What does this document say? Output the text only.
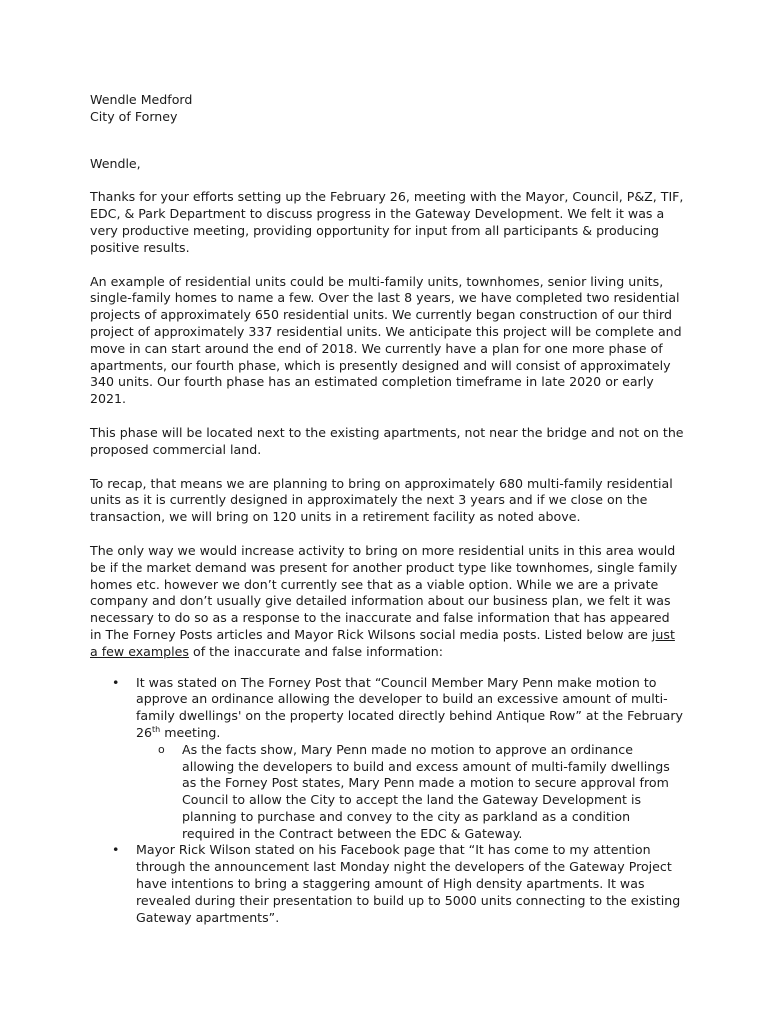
Wendle Medford
City of Forney
Wendle,

Thanks for your efforts setting up the February 26, meeting with the Mayor, Council, P&Z, TIF, EDC, & Park Department to discuss progress in the Gateway Development. We felt it was a very productive meeting, providing opportunity for input from all participants & producing positive results.

An example of residential units could be multi-family units, townhomes, senior living units, single-family homes to name a few. Over the last 8 years, we have completed two residential projects of approximately 650 residential units. We currently began construction of our third project of approximately 337 residential units. We anticipate this project will be complete and move in can start around the end of 2018. We currently have a plan for one more phase of apartments, our fourth phase, which is presently designed and will consist of approximately 340 units. Our fourth phase has an estimated completion timeframe in late 2020 or early 2021.

This phase will be located next to the existing apartments, not near the bridge and not on the proposed commercial land.

To recap, that means we are planning to bring on approximately 680 multi-family residential units as it is currently designed in approximately the next 3 years and if we close on the transaction, we will bring on 120 units in a retirement facility as noted above.

The only way we would increase activity to bring on more residential units in this area would be if the market demand was present for another product type like townhomes, single family homes etc. however we don’t currently see that as a viable option. While we are a private company and don’t usually give detailed information about our business plan, we felt it was necessary to do so as a response to the inaccurate and false information that has appeared in The Forney Posts articles and Mayor Rick Wilsons social media posts. Listed below are just a few examples of the inaccurate and false information:

• It was stated on The Forney Post that “Council Member Mary Penn make motion to approve an ordinance allowing the developer to build an excessive amount of multi-family dwellings' on the property located directly behind Antique Row” at the February 26th meeting.
o As the facts show, Mary Penn made no motion to approve an ordinance allowing the developers to build and excess amount of multi-family dwellings as the Forney Post states, Mary Penn made a motion to secure approval from Council to allow the City to accept the land the Gateway Development is planning to purchase and convey to the city as parkland as a condition required in the Contract between the EDC & Gateway.
• Mayor Rick Wilson stated on his Facebook page that “It has come to my attention through the announcement last Monday night the developers of the Gateway Project have intentions to bring a staggering amount of High density apartments. It was revealed during their presentation to build up to 5000 units connecting to the existing Gateway apartments”.
